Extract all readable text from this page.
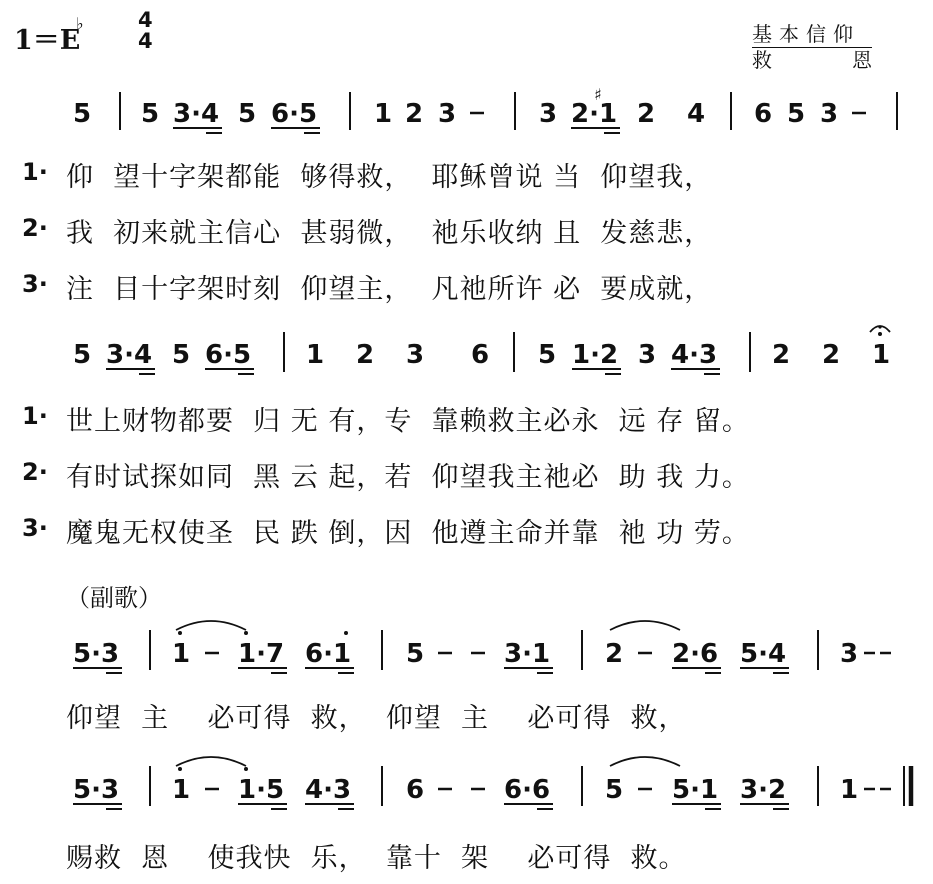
1＝E
♭	4
4	基本信仰
救	恩
5 5 3·4 5 6·5 1 2 3	3 2·1
♯
2 4 6 5 3
5 3·4 5 6·5 1 2 3 6 5 1·2 3 4·3 2 2 1
5·3 1 1·7 6·1 5	3·1 2 2·6 5·4 3
5·3 1 1·5 4·3 6	6·6 5 5·1 3·2 1
1· 仰  望十字架都能  够得救，  耶稣曾说 当  仰望我，
2· 我  初来就主信心  甚弱微，  祂乐收纳 且  发慈悲，
3· 注  目十字架时刻  仰望主，  凡祂所许 必  要成就，
1· 世上财物都要  归 无 有，专  靠赖救主必永  远 存 留。
2· 有时试探如同  黑 云 起，若  仰望我主祂必  助 我 力。
3· 魔鬼无权使圣  民 跌 倒，因  他遵主命并靠  祂 功 劳。
（副歌）
仰望  主    必可得  救，  仰望  主    必可得  救，
赐救  恩    使我快  乐，  靠十  架    必可得  救。
